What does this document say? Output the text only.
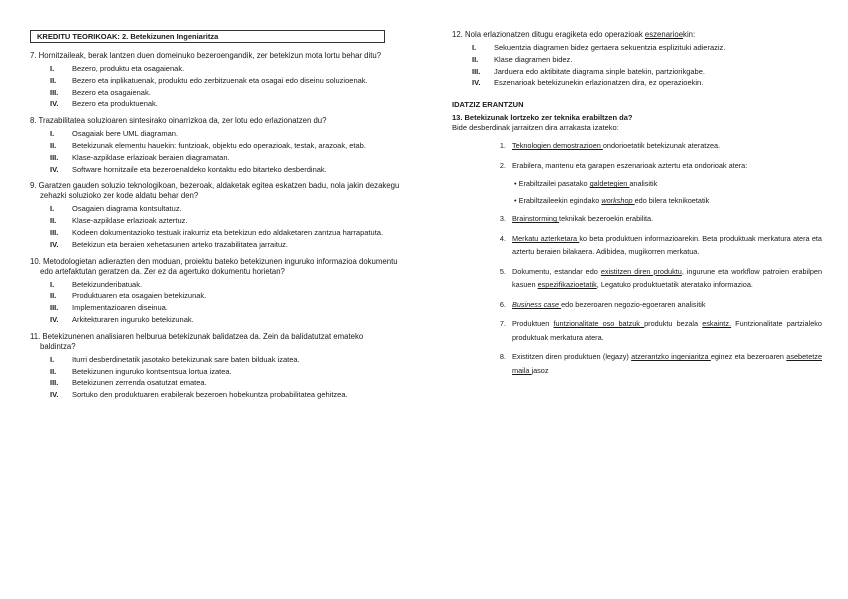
KREDITU TEORIKOAK: 2. Betekizunen Ingeniaritza
7. Hornitzaileak, berak lantzen duen domeinuko bezeroengandik, zer betekizun mota lortu behar ditu?
I.	Bezero, produktu eta osagaienak.
II.	Bezero eta inplikatuenak, produktu edo zerbitzuenak eta osagai edo diseinu soluzioenak.
III.	Bezero eta osagaienak.
IV.	Bezero eta produktuenak.
8. Trazabilitatea soluzioaren sintesirako oinarrizkoa da, zer lotu edo erlazionatzen du?
I.	Osagaiak bere UML diagraman.
II.	Betekizunak elementu hauekin: funtzioak, objektu edo operazioak, testak, arazoak, etab.
III.	Klase-azpiklase erlazioak beraien diagramatan.
IV.	Software hornitzaile eta bezeroenaldeko kontaktu edo bitarteko desberdinak.
9. Garatzen gauden soluzio teknologikoan, bezeroak, aldaketak egitea eskatzen badu, nola jakin dezakegu zehazki soluzioko zer kode aldatu behar den?
I.	Osagaien diagrama kontsultatuz.
II.	Klase-azpiklase erlazioak aztertuz.
III.	Kodeen dokumentazioko testuak irakurriz eta betekizun edo aldaketaren zantzua harrapatuta.
IV.	Betekizun eta beraien xehetasunen arteko trazabilitatea jarraituz.
10. Metodologietan adierazten den moduan, proiektu bateko betekizunen inguruko informazioa dokumentu edo artefaktutan geratzen da. Zer ez da agertuko dokumentu horietan?
I.	Betekizunderibatuak.
II.	Produktuaren eta osagaien betekizunak.
III.	Implementazioaren diseinua.
IV.	Arkitekturaren inguruko betekizunak.
11. Betekizunenen analisiaren helburua betekizunak balidatzea da. Zein da balidatutzat emateko baldintza?
I.	Iturri desberdinetatik jasotako betekizunak sare baten bilduak izatea.
II.	Betekizunen inguruko kontsentsua lortua izatea.
III.	Betekizunen zerrenda osatutzat ematea.
IV.	Sortuko den produktuaren erabilerak bezeroen hobekuntza probabilitatea gehitzea.
12. Nola erlazionatzen ditugu eragiketa edo operazioak eszenarioekin:
I.	Sekuentzia diagramen bidez gertaera sekuentzia esplizituki adieraziz.
II.	Klase diagramen bidez.
III.	Jarduera edo aktibitate diagrama sinple batekin, partziorikgabe.
IV.	Eszenarioak betekizunekin erlazionatzen dira, ez operazioekin.
IDATZIZ ERANTZUN
13. Betekizunak lortzeko zer teknika erabiltzen da?
Bide desberdinak jarraitzen dira arrakasta izateko:
1. Teknologien demostrazioen ondorioetatik betekizunak ateratzea.
2. Erabilera, mantenu eta garapen eszenarioak aztertu eta ondorioak atera:
• Erabiltzailei pasatako galdetegien analisitik
• Erabiltzaileekin egindako workshop edo bilera teknikoetatik
3. Brainstorming teknikak bezeroekin erabilita.
4. Merkatu azterketara ko beta produktuen informazioarekin. Beta produktuak merkatura atera eta aztertu beraien bilakaera. Adibidea, mugikorren merkatua.
5. Dokumentu, estandar edo existitzen diren produktu, ingurune eta workflow patroien erabilpen kasuen espezifikazioetatik, Legatuko produktuetatik ateratako informazioa.
6. Business case edo bezeroaren negozio-egoeraren analisitik
7. Produktuen funtzionalitate oso batzuk produktu bezala eskaintz. Funtzionalitate partzialeko produktuak merkatura atera.
8. Existitzen diren produktuen (legazy) atzerantzko ingeniaritza eginez eta bezeroaren asebetetze maila jasoz
